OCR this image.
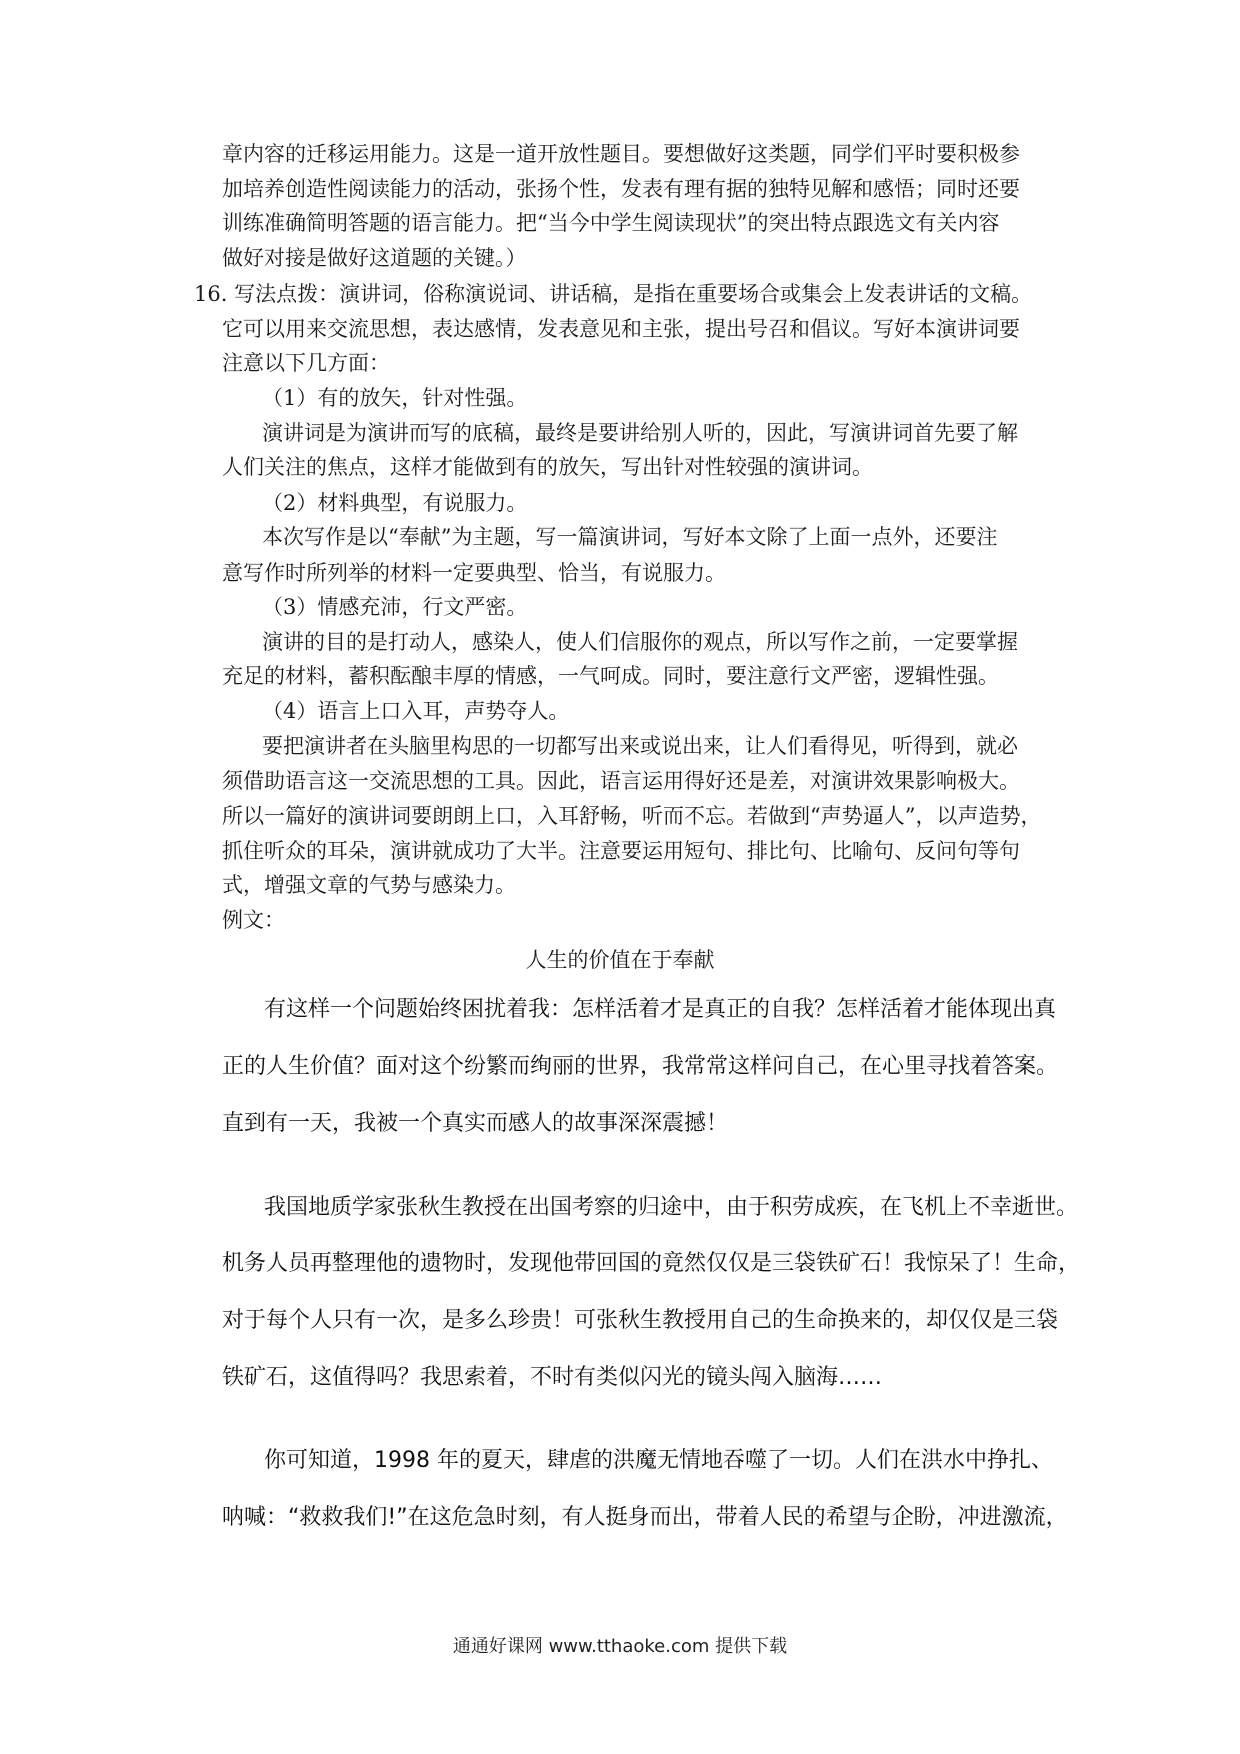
章内容的迁移运用能力。这是一道开放性题目。要想做好这类题，同学们平时要积极参
加培养创造性阅读能力的活动，张扬个性，发表有理有据的独特见解和感悟；同时还要
训练准确简明答题的语言能力。把“当今中学生阅读现状”的突出特点跟选文有关内容
做好对接是做好这道题的关键。）
16. 写法点拨：演讲词，俗称演说词、讲话稿，是指在重要场合或集会上发表讲话的文稿。
它可以用来交流思想，表达感情，发表意见和主张，提出号召和倡议。写好本演讲词要
注意以下几方面：
（1）有的放矢，针对性强。
演讲词是为演讲而写的底稿，最终是要讲给别人听的，因此，写演讲词首先要了解
人们关注的焦点，这样才能做到有的放矢，写出针对性较强的演讲词。
（2）材料典型，有说服力。
本次写作是以“奉献”为主题，写一篇演讲词，写好本文除了上面一点外，还要注
意写作时所列举的材料一定要典型、恰当，有说服力。
（3）情感充沛，行文严密。
演讲的目的是打动人，感染人，使人们信服你的观点，所以写作之前，一定要掌握
充足的材料，蓄积酝酿丰厚的情感，一气呵成。同时，要注意行文严密，逻辑性强。
（4）语言上口入耳，声势夺人。
要把演讲者在头脑里构思的一切都写出来或说出来，让人们看得见，听得到，就必
须借助语言这一交流思想的工具。因此，语言运用得好还是差，对演讲效果影响极大。
所以一篇好的演讲词要朗朗上口，入耳舒畅，听而不忘。若做到“声势逼人”，以声造势，
抓住听众的耳朵，演讲就成功了大半。注意要运用短句、排比句、比喻句、反问句等句
式，增强文章的气势与感染力。
例文：
人生的价值在于奉献
有这样一个问题始终困扰着我：怎样活着才是真正的自我？怎样活着才能体现出真
正的人生价值？面对这个纷繁而绚丽的世界，我常常这样问自己，在心里寻找着答案。
直到有一天，我被一个真实而感人的故事深深震撼！
我国地质学家张秋生教授在出国考察的归途中，由于积劳成疾，在飞机上不幸逝世。
机务人员再整理他的遗物时，发现他带回国的竟然仅仅是三袋铁矿石！我惊呆了！生命，
对于每个人只有一次，是多么珍贵！可张秋生教授用自己的生命换来的，却仅仅是三袋
铁矿石，这值得吗？我思索着，不时有类似闪光的镜头闯入脑海……
你可知道，1998 年的夏天，肆虐的洪魔无情地吞噬了一切。人们在洪水中挣扎、
呐喊：“救救我们!”在这危急时刻，有人挺身而出，带着人民的希望与企盼，冲进激流，
通通好课网 www.tthaoke.com 提供下载
